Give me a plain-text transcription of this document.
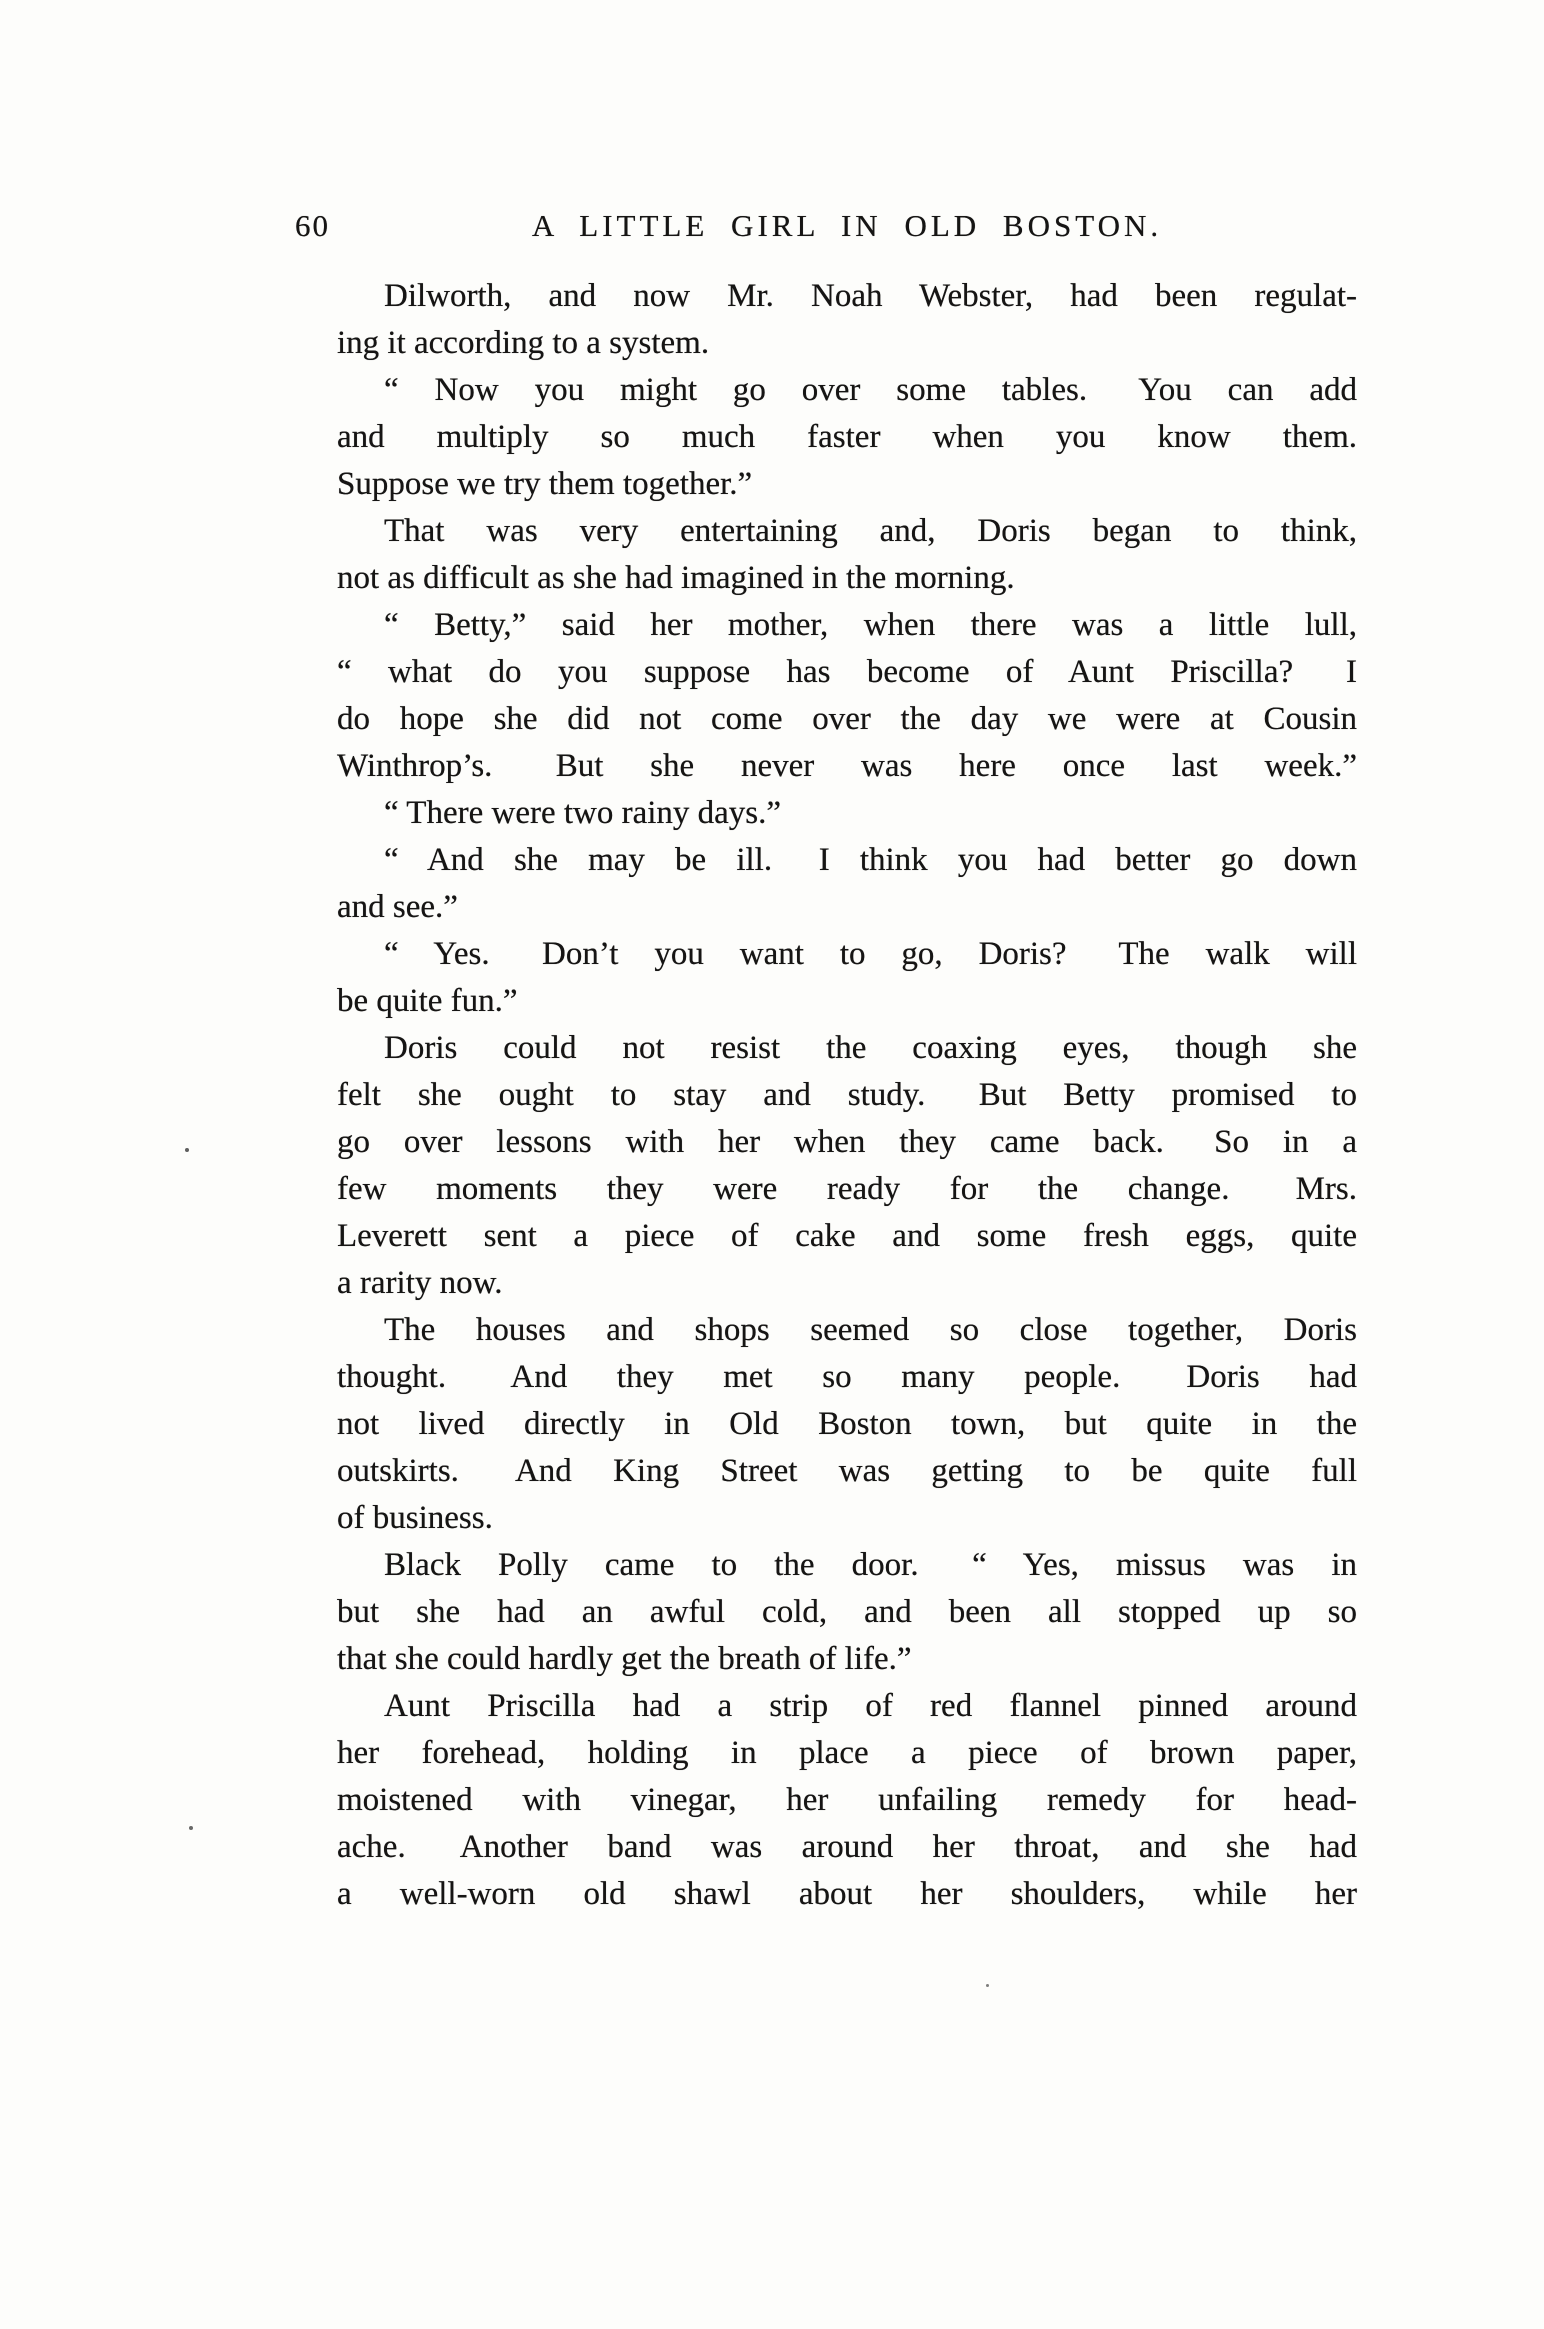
60	A LITTLE GIRL IN OLD BOSTON.
Dilworth, and now Mr. Noah Webster, had been regulat-
ing it according to a system.
“ Now you might go over some tables.  You can add
and multiply so much faster when you know them.
Suppose we try them together.”
That was very entertaining and, Doris began to think,
not as difficult as she had imagined in the morning.
“ Betty,” said her mother, when there was a little lull,
“ what do you suppose has become of Aunt Priscilla?  I
do hope she did not come over the day we were at Cousin
Winthrop’s.  But she never was here once last week.”
“ There were two rainy days.”
“ And she may be ill.  I think you had better go down
and see.”
“ Yes.  Don’t you want to go, Doris?  The walk will
be quite fun.”
Doris could not resist the coaxing eyes, though she
felt she ought to stay and study.  But Betty promised to
go over lessons with her when they came back.  So in a
few moments they were ready for the change.  Mrs.
Leverett sent a piece of cake and some fresh eggs, quite
a rarity now.
The houses and shops seemed so close together, Doris
thought.  And they met so many people.  Doris had
not lived directly in Old Boston town, but quite in the
outskirts.  And King Street was getting to be quite full
of business.
Black Polly came to the door.  “ Yes, missus was in
but she had an awful cold, and been all stopped up so
that she could hardly get the breath of life.”
Aunt Priscilla had a strip of red flannel pinned around
her forehead, holding in place a piece of brown paper,
moistened with vinegar, her unfailing remedy for head-
ache.  Another band was around her throat, and she had
a well-worn old shawl about her shoulders, while her
